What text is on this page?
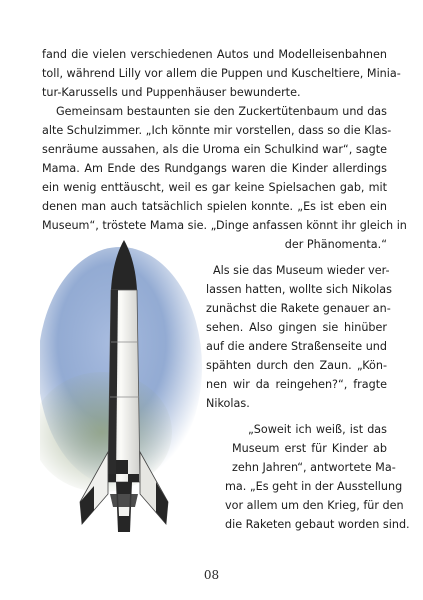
fand die vielen verschiedenen Autos und Modelleisenbahnen
toll, während Lilly vor allem die Puppen und Kuscheltiere, Minia-
tur-Karussells und Puppenhäuser bewunderte.
Gemeinsam bestaunten sie den Zuckertütenbaum und das
alte Schulzimmer. „Ich könnte mir vorstellen, dass so die Klas-
senräume aussahen, als die Uroma ein Schulkind war“, sagte
Mama. Am Ende des Rundgangs waren die Kinder allerdings
ein wenig enttäuscht, weil es gar keine Spielsachen gab, mit
denen man auch tatsächlich spielen konnte. „Es ist eben ein
Museum“, tröstete Mama sie. „Dinge anfassen könnt ihr gleich in
der Phänomenta.“
Als sie das Museum wieder ver-
lassen hatten, wollte sich Nikolas
zunächst die Rakete genauer an-
sehen. Also gingen sie hinüber
auf die andere Straßenseite und
spähten durch den Zaun. „Kön-
nen wir da reingehen?“, fragte
Nikolas.
„Soweit ich weiß, ist das
Museum erst für Kinder ab
zehn Jahren“, antwortete Ma-
ma. „Es geht in der Ausstellung
vor allem um den Krieg, für den
die Raketen gebaut worden sind.
08
